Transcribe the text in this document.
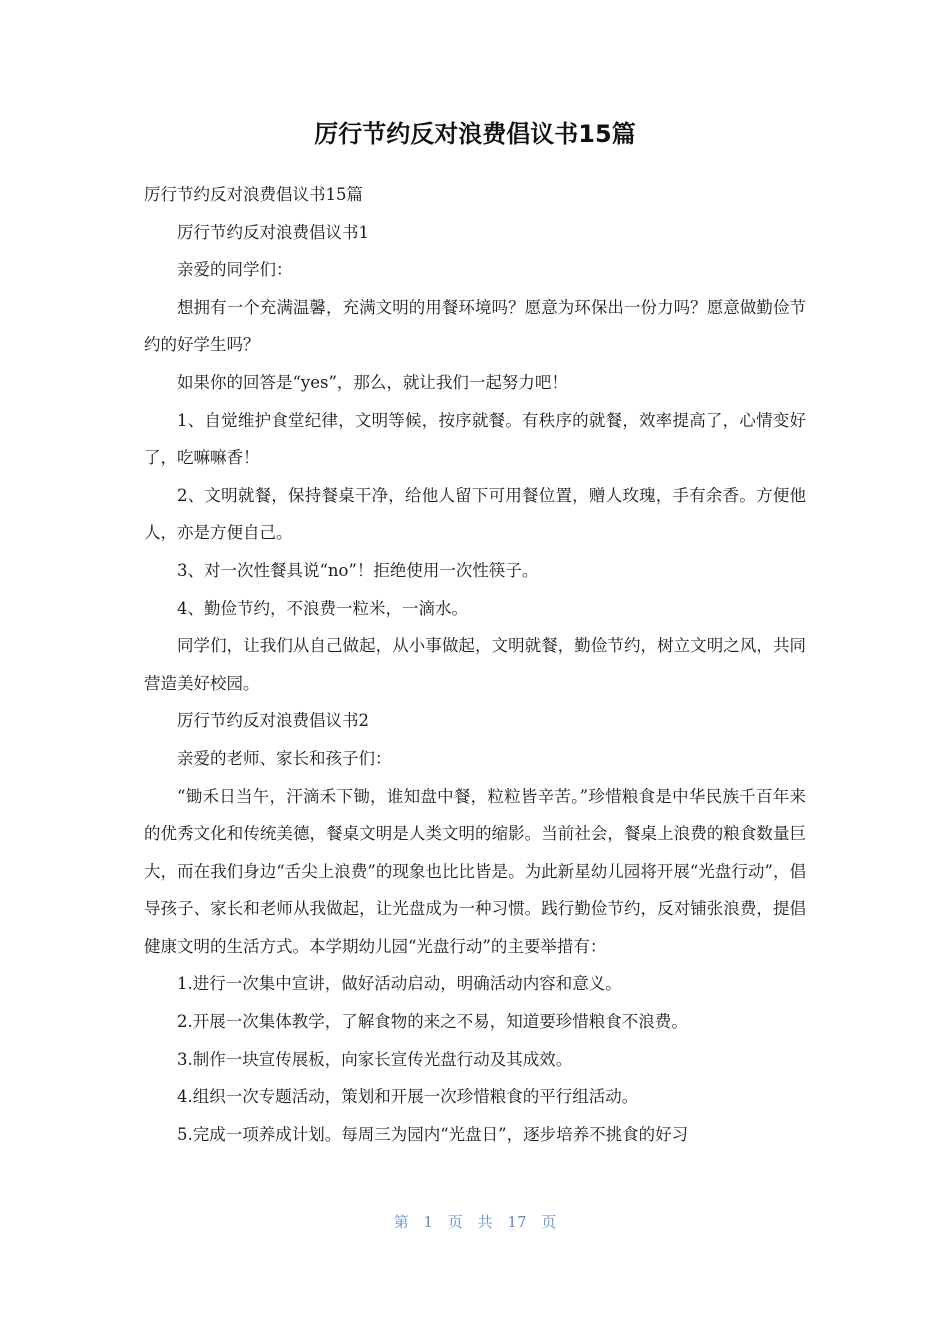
厉行节约反对浪费倡议书15篇

厉行节约反对浪费倡议书15篇

厉行节约反对浪费倡议书1

亲爱的同学们：

想拥有一个充满温馨，充满文明的用餐环境吗？愿意为环保出一份力吗？愿意做勤俭节约的好学生吗？

如果你的回答是“yes”，那么，就让我们一起努力吧！

1、自觉维护食堂纪律，文明等候，按序就餐。有秩序的就餐，效率提高了，心情变好了，吃嘛嘛香！

2、文明就餐，保持餐桌干净，给他人留下可用餐位置，赠人玫瑰，手有余香。方便他人，亦是方便自己。

3、对一次性餐具说“no”！拒绝使用一次性筷子。

4、勤俭节约，不浪费一粒米，一滴水。

同学们，让我们从自己做起，从小事做起，文明就餐，勤俭节约，树立文明之风，共同营造美好校园。

厉行节约反对浪费倡议书2

亲爱的老师、家长和孩子们：

“锄禾日当午，汗滴禾下锄，谁知盘中餐，粒粒皆辛苦。”珍惜粮食是中华民族千百年来的优秀文化和传统美德，餐桌文明是人类文明的缩影。当前社会，餐桌上浪费的粮食数量巨大，而在我们身边“舌尖上浪费”的现象也比比皆是。为此新星幼儿园将开展“光盘行动”，倡导孩子、家长和老师从我做起，让光盘成为一种习惯。践行勤俭节约，反对铺张浪费，提倡健康文明的生活方式。本学期幼儿园“光盘行动”的主要举措有：

1.进行一次集中宣讲，做好活动启动，明确活动内容和意义。

2.开展一次集体教学，了解食物的来之不易，知道要珍惜粮食不浪费。

3.制作一块宣传展板，向家长宣传光盘行动及其成效。

4.组织一次专题活动，策划和开展一次珍惜粮食的平行组活动。

5.完成一项养成计划。每周三为园内“光盘日”，逐步培养不挑食的好习

第 1 页 共 17 页
